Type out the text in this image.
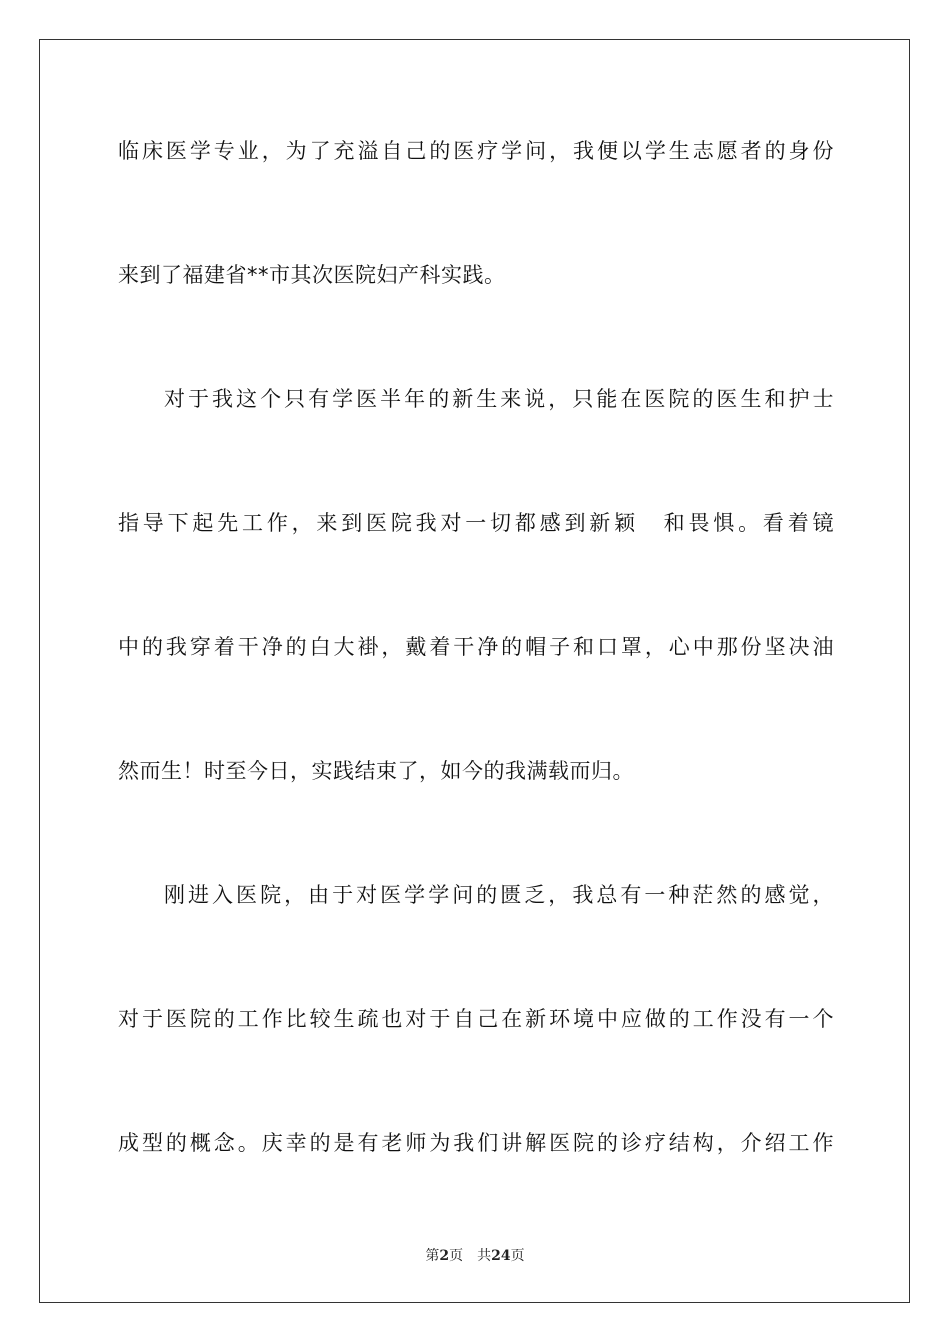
临床医学专业，为了充溢自己的医疗学问，我便以学生志愿者的身份
来到了福建省**市其次医院妇产科实践。
对于我这个只有学医半年的新生来说，只能在医院的医生和护士
指导下起先工作，来到医院我对一切都感到新颖　和畏惧。看着镜
中的我穿着干净的白大褂，戴着干净的帽子和口罩，心中那份坚决油
然而生！时至今日，实践结束了，如今的我满载而归。
刚进入医院，由于对医学学问的匮乏，我总有一种茫然的感觉，
对于医院的工作比较生疏也对于自己在新环境中应做的工作没有一个
成型的概念。庆幸的是有老师为我们讲解医院的诊疗结构，介绍工作
第2页 共24页
